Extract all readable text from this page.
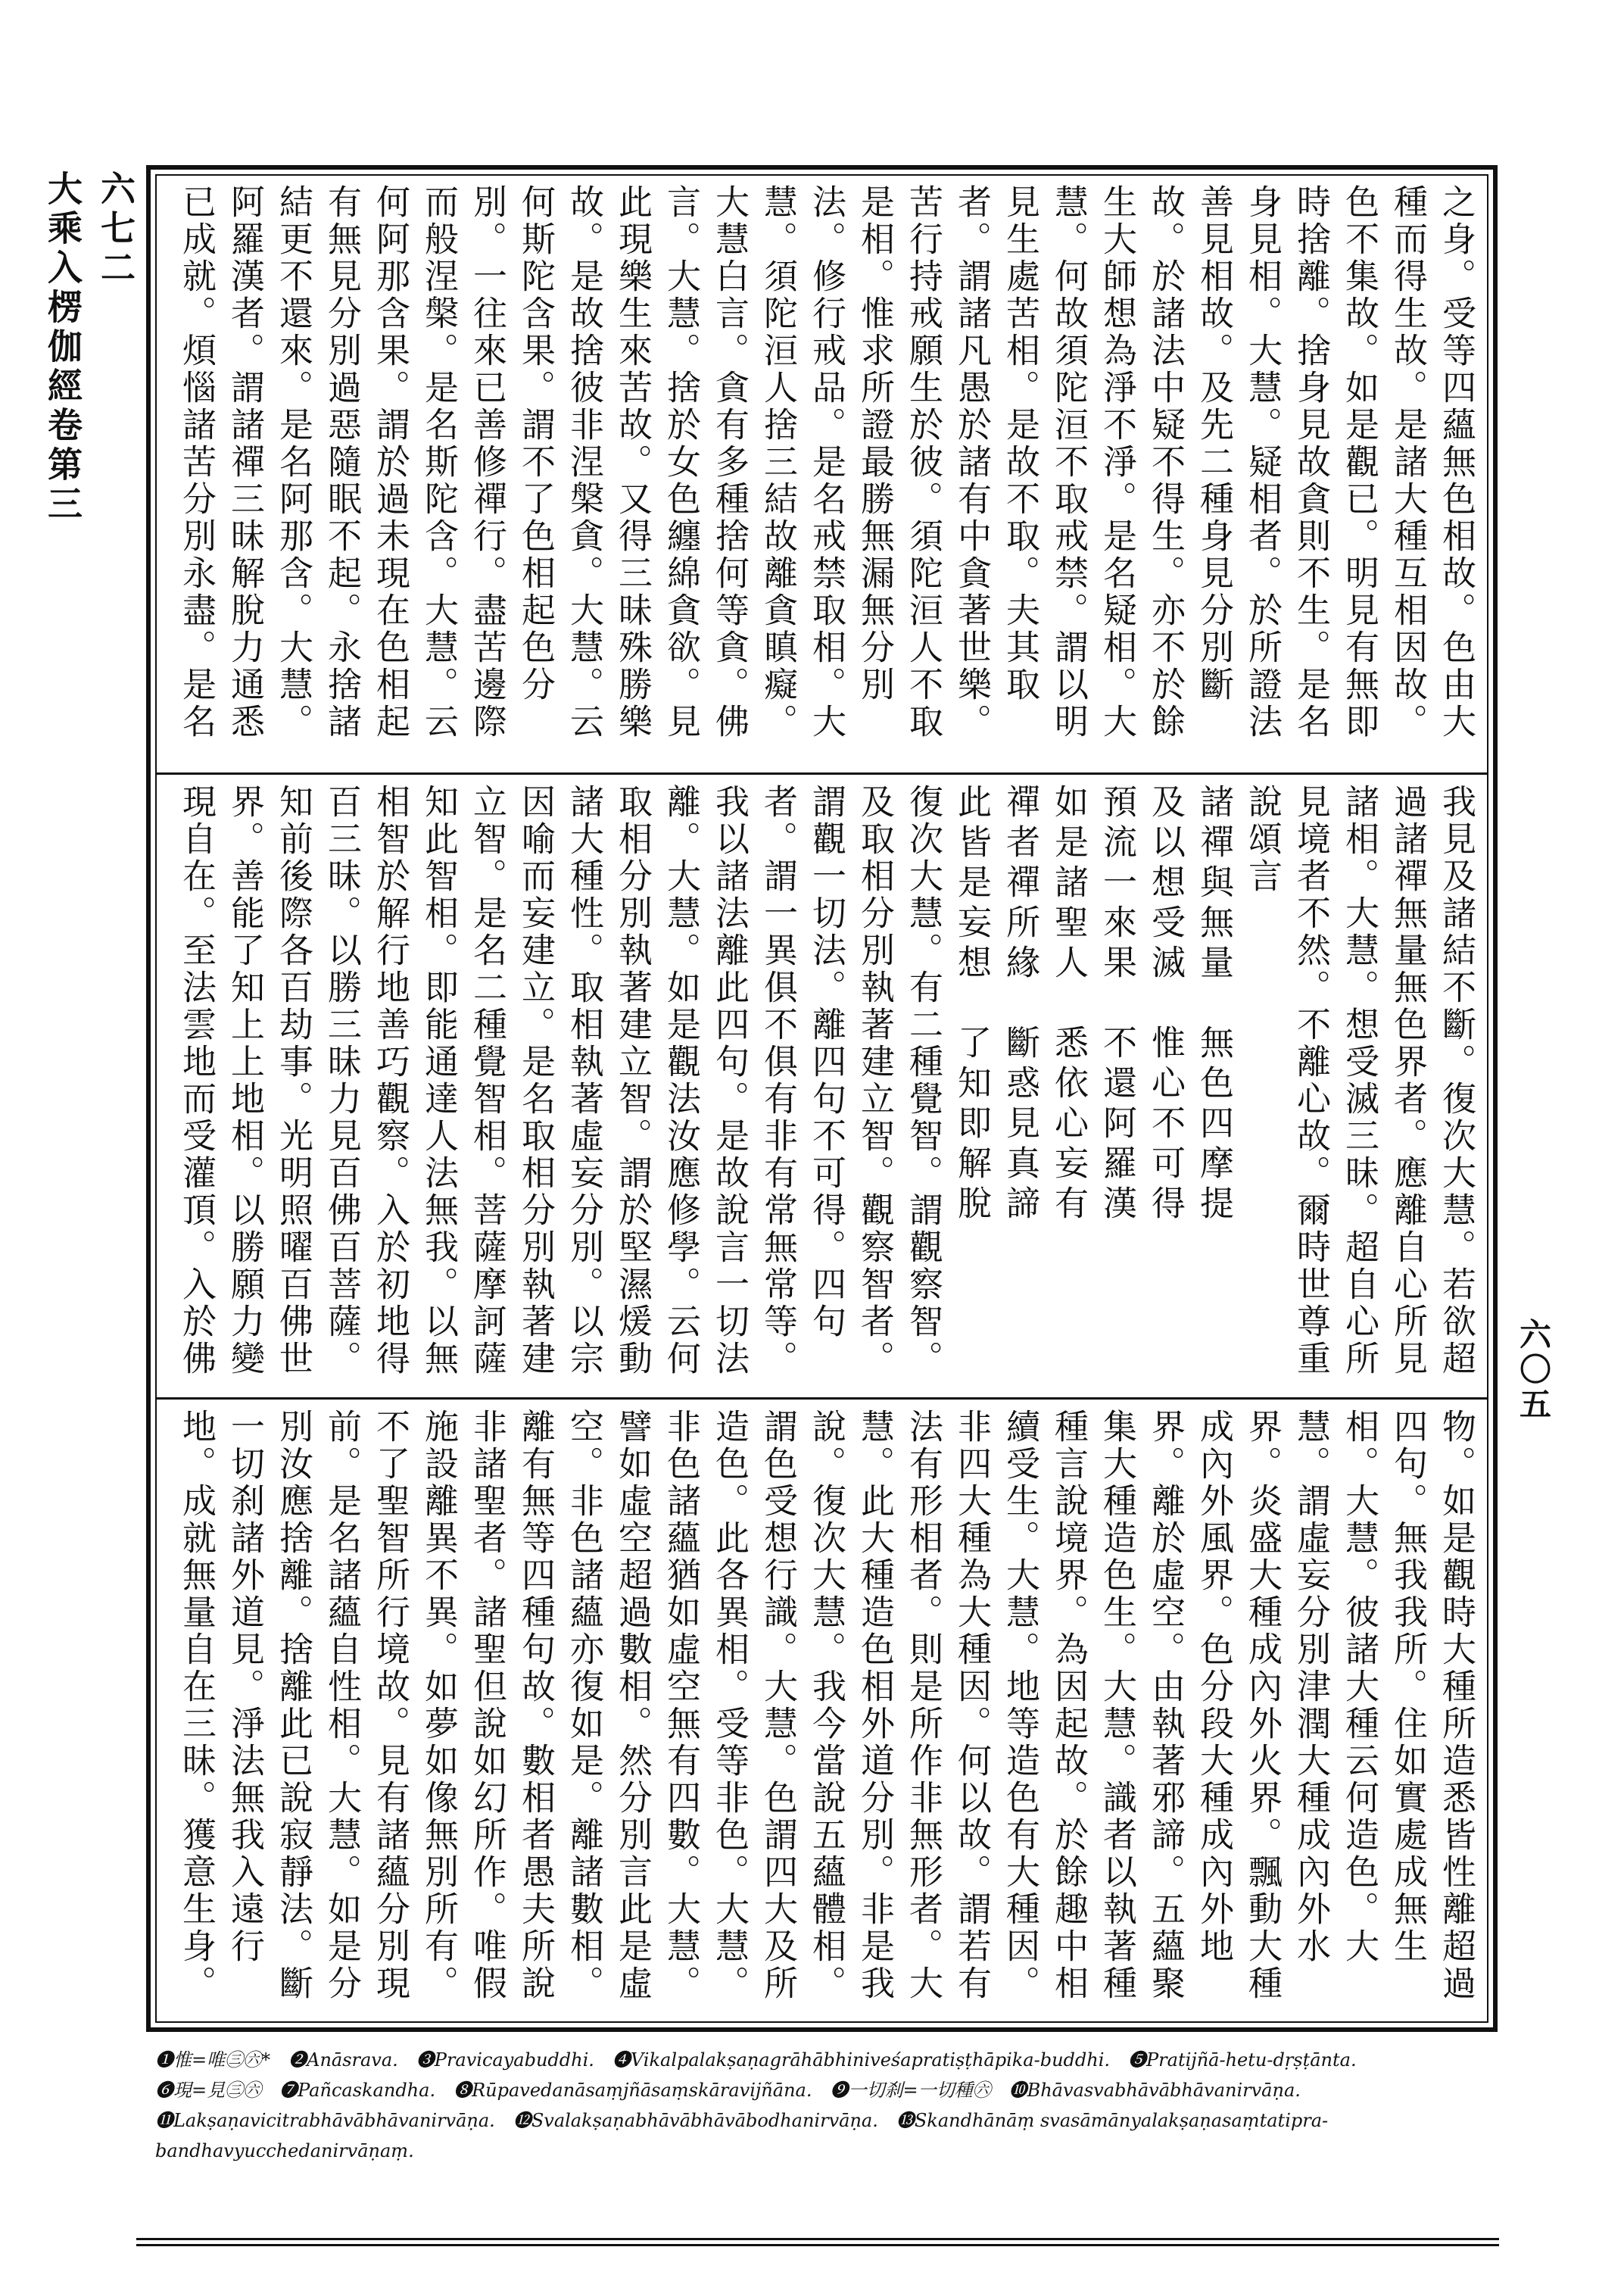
六七二
大乘入楞伽經卷第三
六〇五

之身。受等四蘊無色相故。色由大種而得生故。是諸大種互相因故。色不集故。如是觀已。明見有無即時捨離。捨身見故貪則不生。是名身見相。大慧。疑相者。於所證法善見相故。及先二種身見分別斷故。於諸法中疑不得生。亦不於餘生大師想為淨不淨。是名疑相。大慧。何故須陀洹不取戒禁。謂以明見生處苦相。是故不取。夫其取者。謂諸凡愚於諸有中貪著世樂。苦行持戒願生於彼。須陀洹人不取是相。惟求所證最勝無漏無分別法。修行戒品。是名戒禁取相。大慧。須陀洹人捨三結故離貪瞋癡。大慧白言。貪有多種捨何等貪。佛言。大慧。捨於女色纏綿貪欲。見此現樂生來苦故。又得三昧殊勝樂故。是故捨彼非涅槃貪。大慧。云何斯陀含果。謂不了色相起色分別。一往來已善修禪行。盡苦邊際而般涅槃。是名斯陀含。大慧。云何阿那含果。謂於過未現在色相起有無見分別過惡隨眠不起。永捨諸結更不還來。是名阿那含。大慧。阿羅漢者。謂諸禪三昧解脫力通悉已成就。煩惱諸苦分別永盡。是名

我見及諸結不斷。復次大慧。若欲超過諸禪無量無色界者。應離自心所見諸相。大慧。想受滅三昧。超自心所見境者不然。不離心故。爾時世尊重說頌言

諸禪與無量　無色四摩提

及以想受滅　惟心不可得

預流一來果　不還阿羅漢

如是諸聖人　悉依心妄有

禪者禪所緣　斷惑見真諦

此皆是妄想　了知即解脫

復次大慧。有二種覺智。謂觀察智。及取相分別執著建立智。觀察智者。謂觀一切法。離四句不可得。四句者。謂一異俱不俱有非有常無常等。我以諸法離此四句。是故說言一切法離。大慧。如是觀法汝應修學。云何取相分別執著建立智。謂於堅濕煖動諸大種性。取相執著虛妄分別。以宗因喻而妄建立。是名取相分別執著建立智。是名二種覺智相。菩薩摩訶薩知此智相。即能通達人法無我。以無相智於解行地善巧觀察。入於初地得百三昧。以勝三昧力見百佛百菩薩。知前後際各百劫事。光明照曜百佛世界。善能了知上上地相。以勝願力變現自在。至法雲地而受灌頂。入於佛

物。如是觀時大種所造悉皆性離超過四句。無我我所。住如實處成無生相。大慧。彼諸大種云何造色。大慧。謂虛妄分別津潤大種成內外水界。炎盛大種成內外火界。飄動大種成內外風界。色分段大種成內外地界。離於虛空。由執著邪諦。五蘊聚集大種造色生。大慧。識者以執著種種言說境界。為因起故。於餘趣中相續受生。大慧。地等造色有大種因。非四大種為大種因。何以故。謂若有法有形相者。則是所作非無形者。大慧。此大種造色相外道分別。非是我說。復次大慧。我今當說五蘊體相。謂色受想行識。大慧。色謂四大及所造色。此各異相。受等非色。大慧。非色諸蘊猶如虛空無有四數。大慧。譬如虛空超過數相。然分別言此是虛空。非色諸蘊亦復如是。離諸數相。離有無等四種句故。數相者愚夫所說非諸聖者。諸聖但說如幻所作。唯假施設離異不異。如夢如像無別所有。不了聖智所行境故。見有諸蘊分別現前。是名諸蘊自性相。大慧。如是分別汝應捨離。捨離此已說寂靜法。斷一切刹諸外道見。淨法無我入遠行地。成就無量自在三昧。獲意生身。

❶惟=唯㊂㊅*　❷Anāsrava.　❸Pravicayabuddhi.　❹Vikalpalakṣaṇagrāhābhiniveśapratiṣṭhāpika-buddhi.　❺Pratijñā-hetu-dṛṣṭānta.

❻現=見㊂㊅　❼Pañcaskandha.　❽Rūpavedanāsaṃjñāsaṃskāravijñāna.　❾一切刹=一切種㊅　❿Bhāvasvabhāvābhāvanirvāṇa.

⓫Lakṣaṇavicitrabhāvābhāvanirvāṇa.　⓬Svalakṣaṇabhāvābhāvābodhanirvāṇa.　⓭Skandhānāṃ svasāmānyalakṣaṇasaṃtatipra-

bandhavyucchedanirvāṇaṃ.
